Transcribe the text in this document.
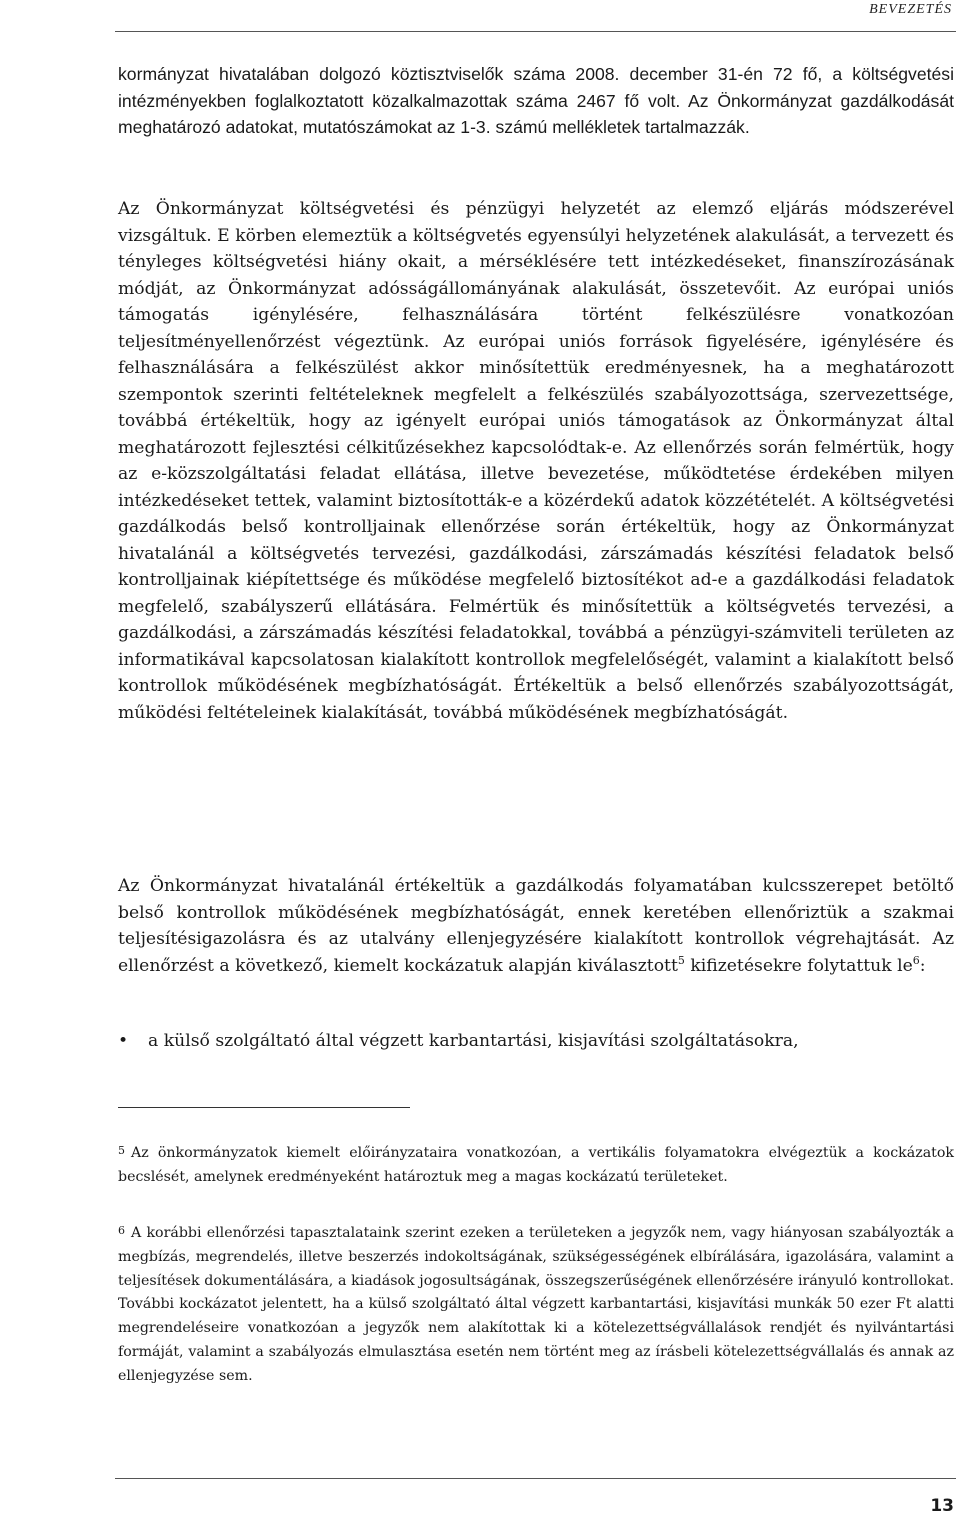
BEVEZETÉS

kormányzat hivatalában dolgozó köztisztviselők száma 2008. december 31-én 72 fő, a költségvetési intézményekben foglalkoztatott közalkalmazottak száma 2467 fő volt. Az Önkormányzat gazdálkodását meghatározó adatokat, mutatószámokat az 1-3. számú mellékletek tartalmazzák.

Az Önkormányzat költségvetési és pénzügyi helyzetét az elemző eljárás módszerével vizsgáltuk. E körben elemeztük a költségvetés egyensúlyi helyzetének alakulását, a tervezett és tényleges költségvetési hiány okait, a mérséklésére tett intézkedéseket, finanszírozásának módját, az Önkormányzat adósságállományának alakulását, összetevőit. Az európai uniós támogatás igénylésére, felhasználására történt felkészülésre vonatkozóan teljesítményellenőrzést végeztünk. Az európai uniós források figyelésére, igénylésére és felhasználására a felkészülést akkor minősítettük eredményesnek, ha a meghatározott szempontok szerinti feltételeknek megfelelt a felkészülés szabályozottsága, szervezettsége, továbbá értékeltük, hogy az igényelt európai uniós támogatások az Önkormányzat által meghatározott fejlesztési célkitűzésekhez kapcsolódtak-e. Az ellenőrzés során felmértük, hogy az e-közszolgáltatási feladat ellátása, illetve bevezetése, működtetése érdekében milyen intézkedéseket tettek, valamint biztosították-e a közérdekű adatok közzétételét. A költségvetési gazdálkodás belső kontrolljainak ellenőrzése során értékeltük, hogy az Önkormányzat hivatalánál a költségvetés tervezési, gazdálkodási, zárszámadás készítési feladatok belső kontrolljainak kiépítettsége és működése megfelelő biztosítékot ad-e a gazdálkodási feladatok megfelelő, szabályszerű ellátására. Felmértük és minősítettük a költségvetés tervezési, a gazdálkodási, a zárszámadás készítési feladatokkal, továbbá a pénzügyi-számviteli területen az informatikával kapcsolatosan kialakított kontrollok megfelelőségét, valamint a kialakított belső kontrollok működésének megbízhatóságát. Értékeltük a belső ellenőrzés szabályozottságát, működési feltételeinek kialakítását, továbbá működésének megbízhatóságát.

Az Önkormányzat hivatalánál értékeltük a gazdálkodás folyamatában kulcsszerepet betöltő belső kontrollok működésének megbízhatóságát, ennek keretében ellenőriztük a szakmai teljesítésigazolásra és az utalvány ellenjegyzésére kialakított kontrollok végrehajtását. Az ellenőrzést a következő, kiemelt kockázatuk alapján kiválasztott$^5$ kifizetésekre folytattuk le$^6$:

• a külső szolgáltató által végzett karbantartási, kisjavítási szolgáltatásokra,

$^5$ Az önkormányzatok kiemelt előirányzataira vonatkozóan, a vertikális folyamatokra elvégeztük a kockázatok becslését, amelynek eredményeként határoztuk meg a magas kockázatú területeket.

$^6$ A korábbi ellenőrzési tapasztalataink szerint ezeken a területeken a jegyzők nem, vagy hiányosan szabályozták a megbízás, megrendelés, illetve beszerzés indokoltságának, szükségességének elbírálására, igazolására, valamint a teljesítések dokumentálására, a kiadások jogosultságának, összegszerűségének ellenőrzésére irányuló kontrollokat. További kockázatot jelentett, ha a külső szolgáltató által végzett karbantartási, kisjavítási munkák 50 ezer Ft alatti megrendeléseire vonatkozóan a jegyzők nem alakítottak ki a kötelezettségvállalások rendjét és nyilvántartási formáját, valamint a szabályozás elmulasztása esetén nem történt meg az írásbeli kötelezettségvállalás és annak az ellenjegyzése sem.

13
